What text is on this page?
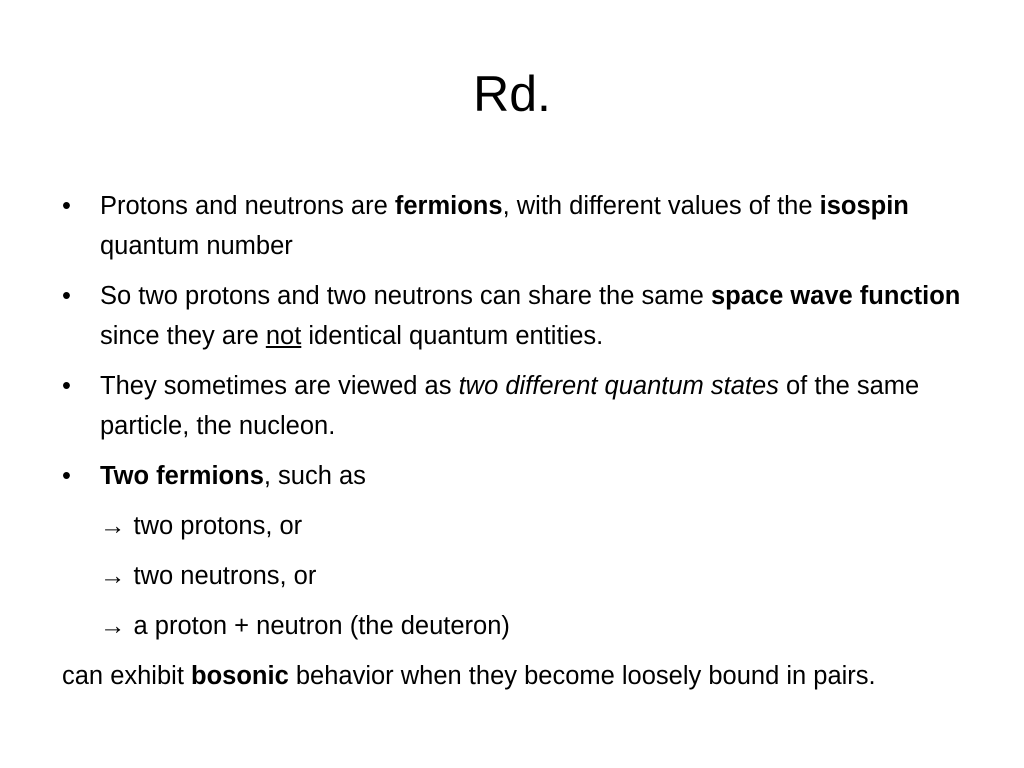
Rd.
•
Protons and neutrons are fermions, with different values of the isospin quantum number
•
So two protons and two neutrons can share the same space wave function since they are not identical quantum entities.
•
They sometimes are viewed as two different quantum states of the same particle, the nucleon.
•
Two fermions, such as
→ two protons, or
→ two neutrons, or
→ a proton + neutron (the deuteron)
can exhibit bosonic behavior when they become loosely bound in pairs.
